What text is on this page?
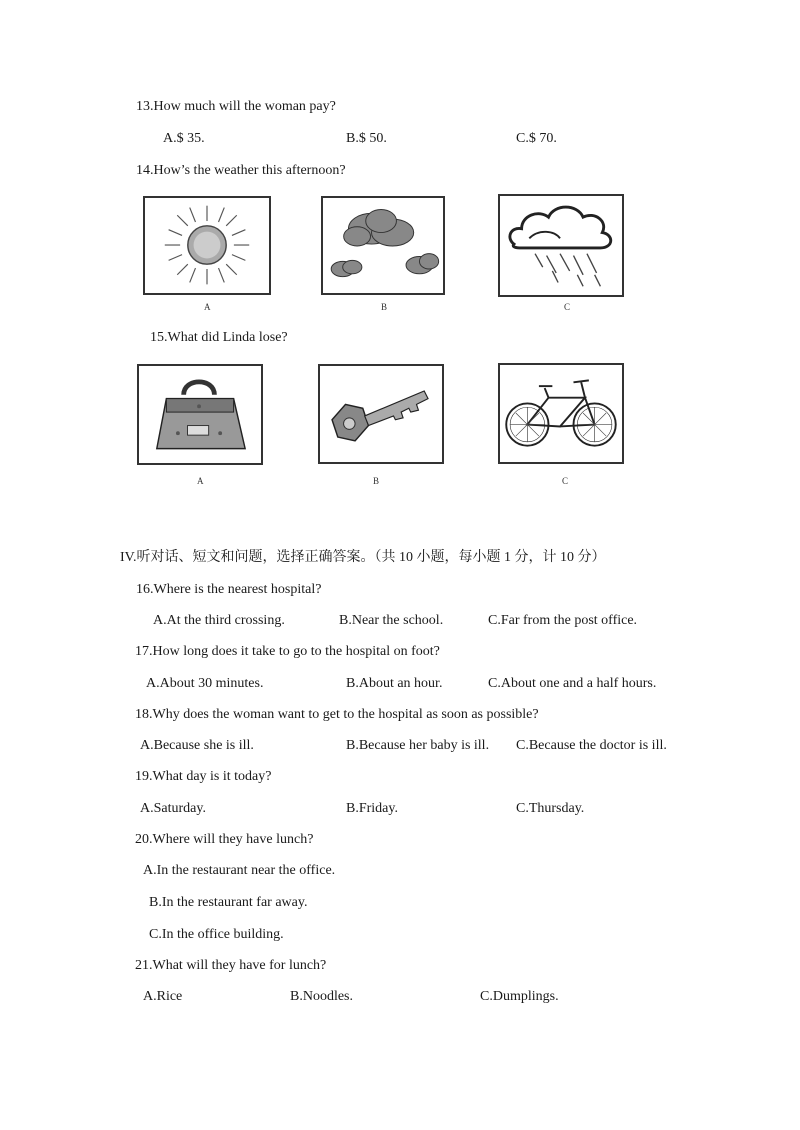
13.How much will the woman pay?
A.$ 35.	B.$ 50.	C.$ 70.
14.How’s the weather this afternoon?
A	B	C
15.What did Linda lose?
A	B	C
IV.听对话、短文和问题，选择正确答案。（共 10 小题，每小题 1 分，计 10 分）
16.Where is the nearest hospital?
A.At the third crossing.	B.Near the school.	C.Far from the post office.
17.How long does it take to go to the hospital on foot?
A.About 30 minutes.	B.About an hour.	C.About one and a half hours.
18.Why does the woman want to get to the hospital as soon as possible?
A.Because she is ill.	B.Because her baby is ill. C.Because the doctor is ill.
19.What day is it today?
A.Saturday.	B.Friday.	C.Thursday.
20.Where will they have lunch?
A.In the restaurant near the office.
B.In the restaurant far away.
C.In the office building.
21.What will they have for lunch?
A.Rice	B.Noodles.	C.Dumplings.
